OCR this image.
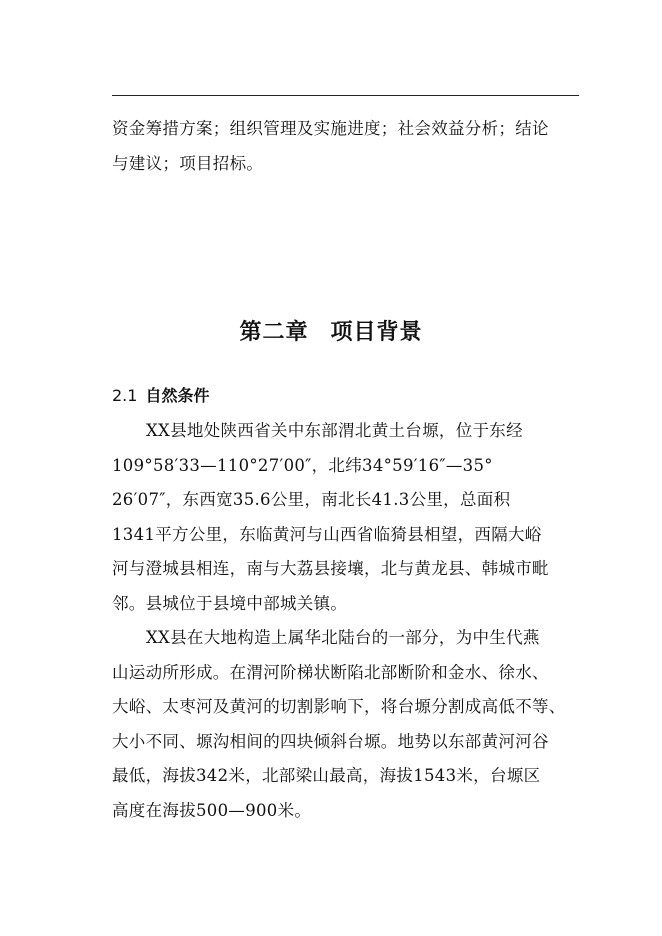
资金筹措方案；组织管理及实施进度；社会效益分析；结论
与建议；项目招标。
第二章 项目背景
2.1 自然条件
XX县地处陕西省关中东部渭北黄土台塬，位于东经
109°58′33—110°27′00″，北纬34°59′16″—35°
26′07″，东西宽35.6公里，南北长41.3公里，总面积
1341平方公里，东临黄河与山西省临猗县相望，西隔大峪
河与澄城县相连，南与大荔县接壤，北与黄龙县、韩城市毗
邻。县城位于县境中部城关镇。
XX县在大地构造上属华北陆台的一部分，为中生代燕
山运动所形成。在渭河阶梯状断陷北部断阶和金水、徐水、
大峪、太枣河及黄河的切割影响下，将台塬分割成高低不等、
大小不同、塬沟相间的四块倾斜台塬。地势以东部黄河河谷
最低，海拔342米，北部梁山最高，海拔1543米，台塬区
高度在海拔500—900米。
